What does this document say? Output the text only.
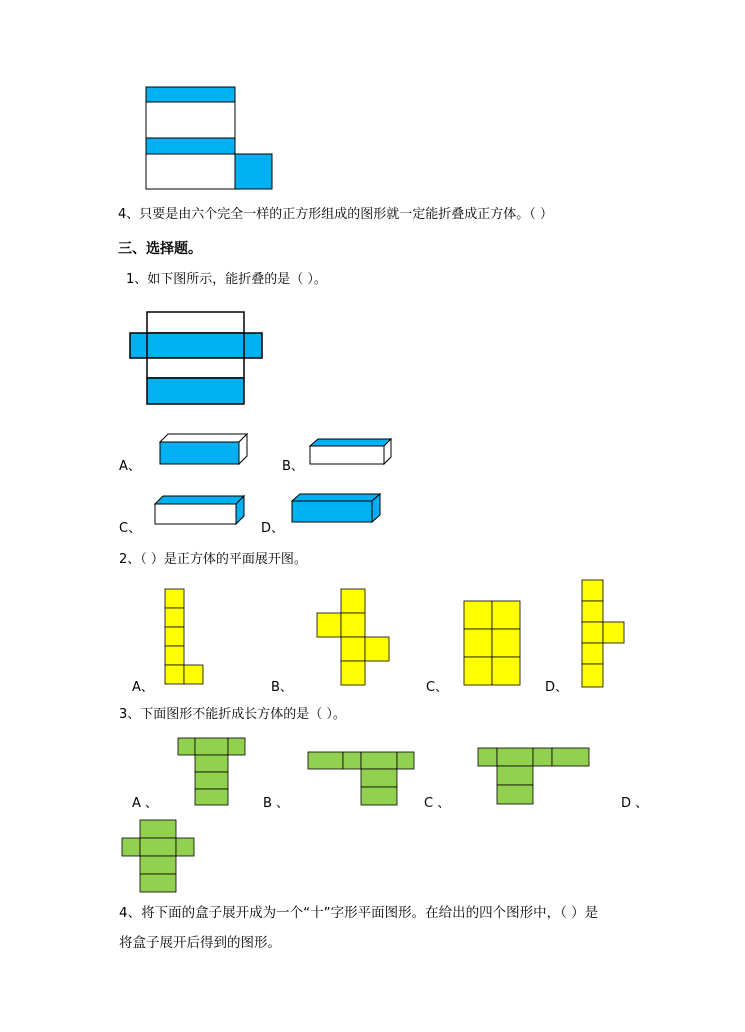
4、只要是由六个完全一样的正方形组成的图形就一定能折叠成正方体。（ ）
三、选择题。
1、如下图所示，能折叠的是（ ）。
A、	B、
C、	D、
2、（ ）是正方体的平面展开图。
A、	B、	C、	D、
3、下面图形不能折成长方体的是（ ）。
A 、	B 、	C 、	D 、
4、将下面的盒子展开成为一个“十”字形平面图形。在给出的四个图形中，（ ）是
将盒子展开后得到的图形。
